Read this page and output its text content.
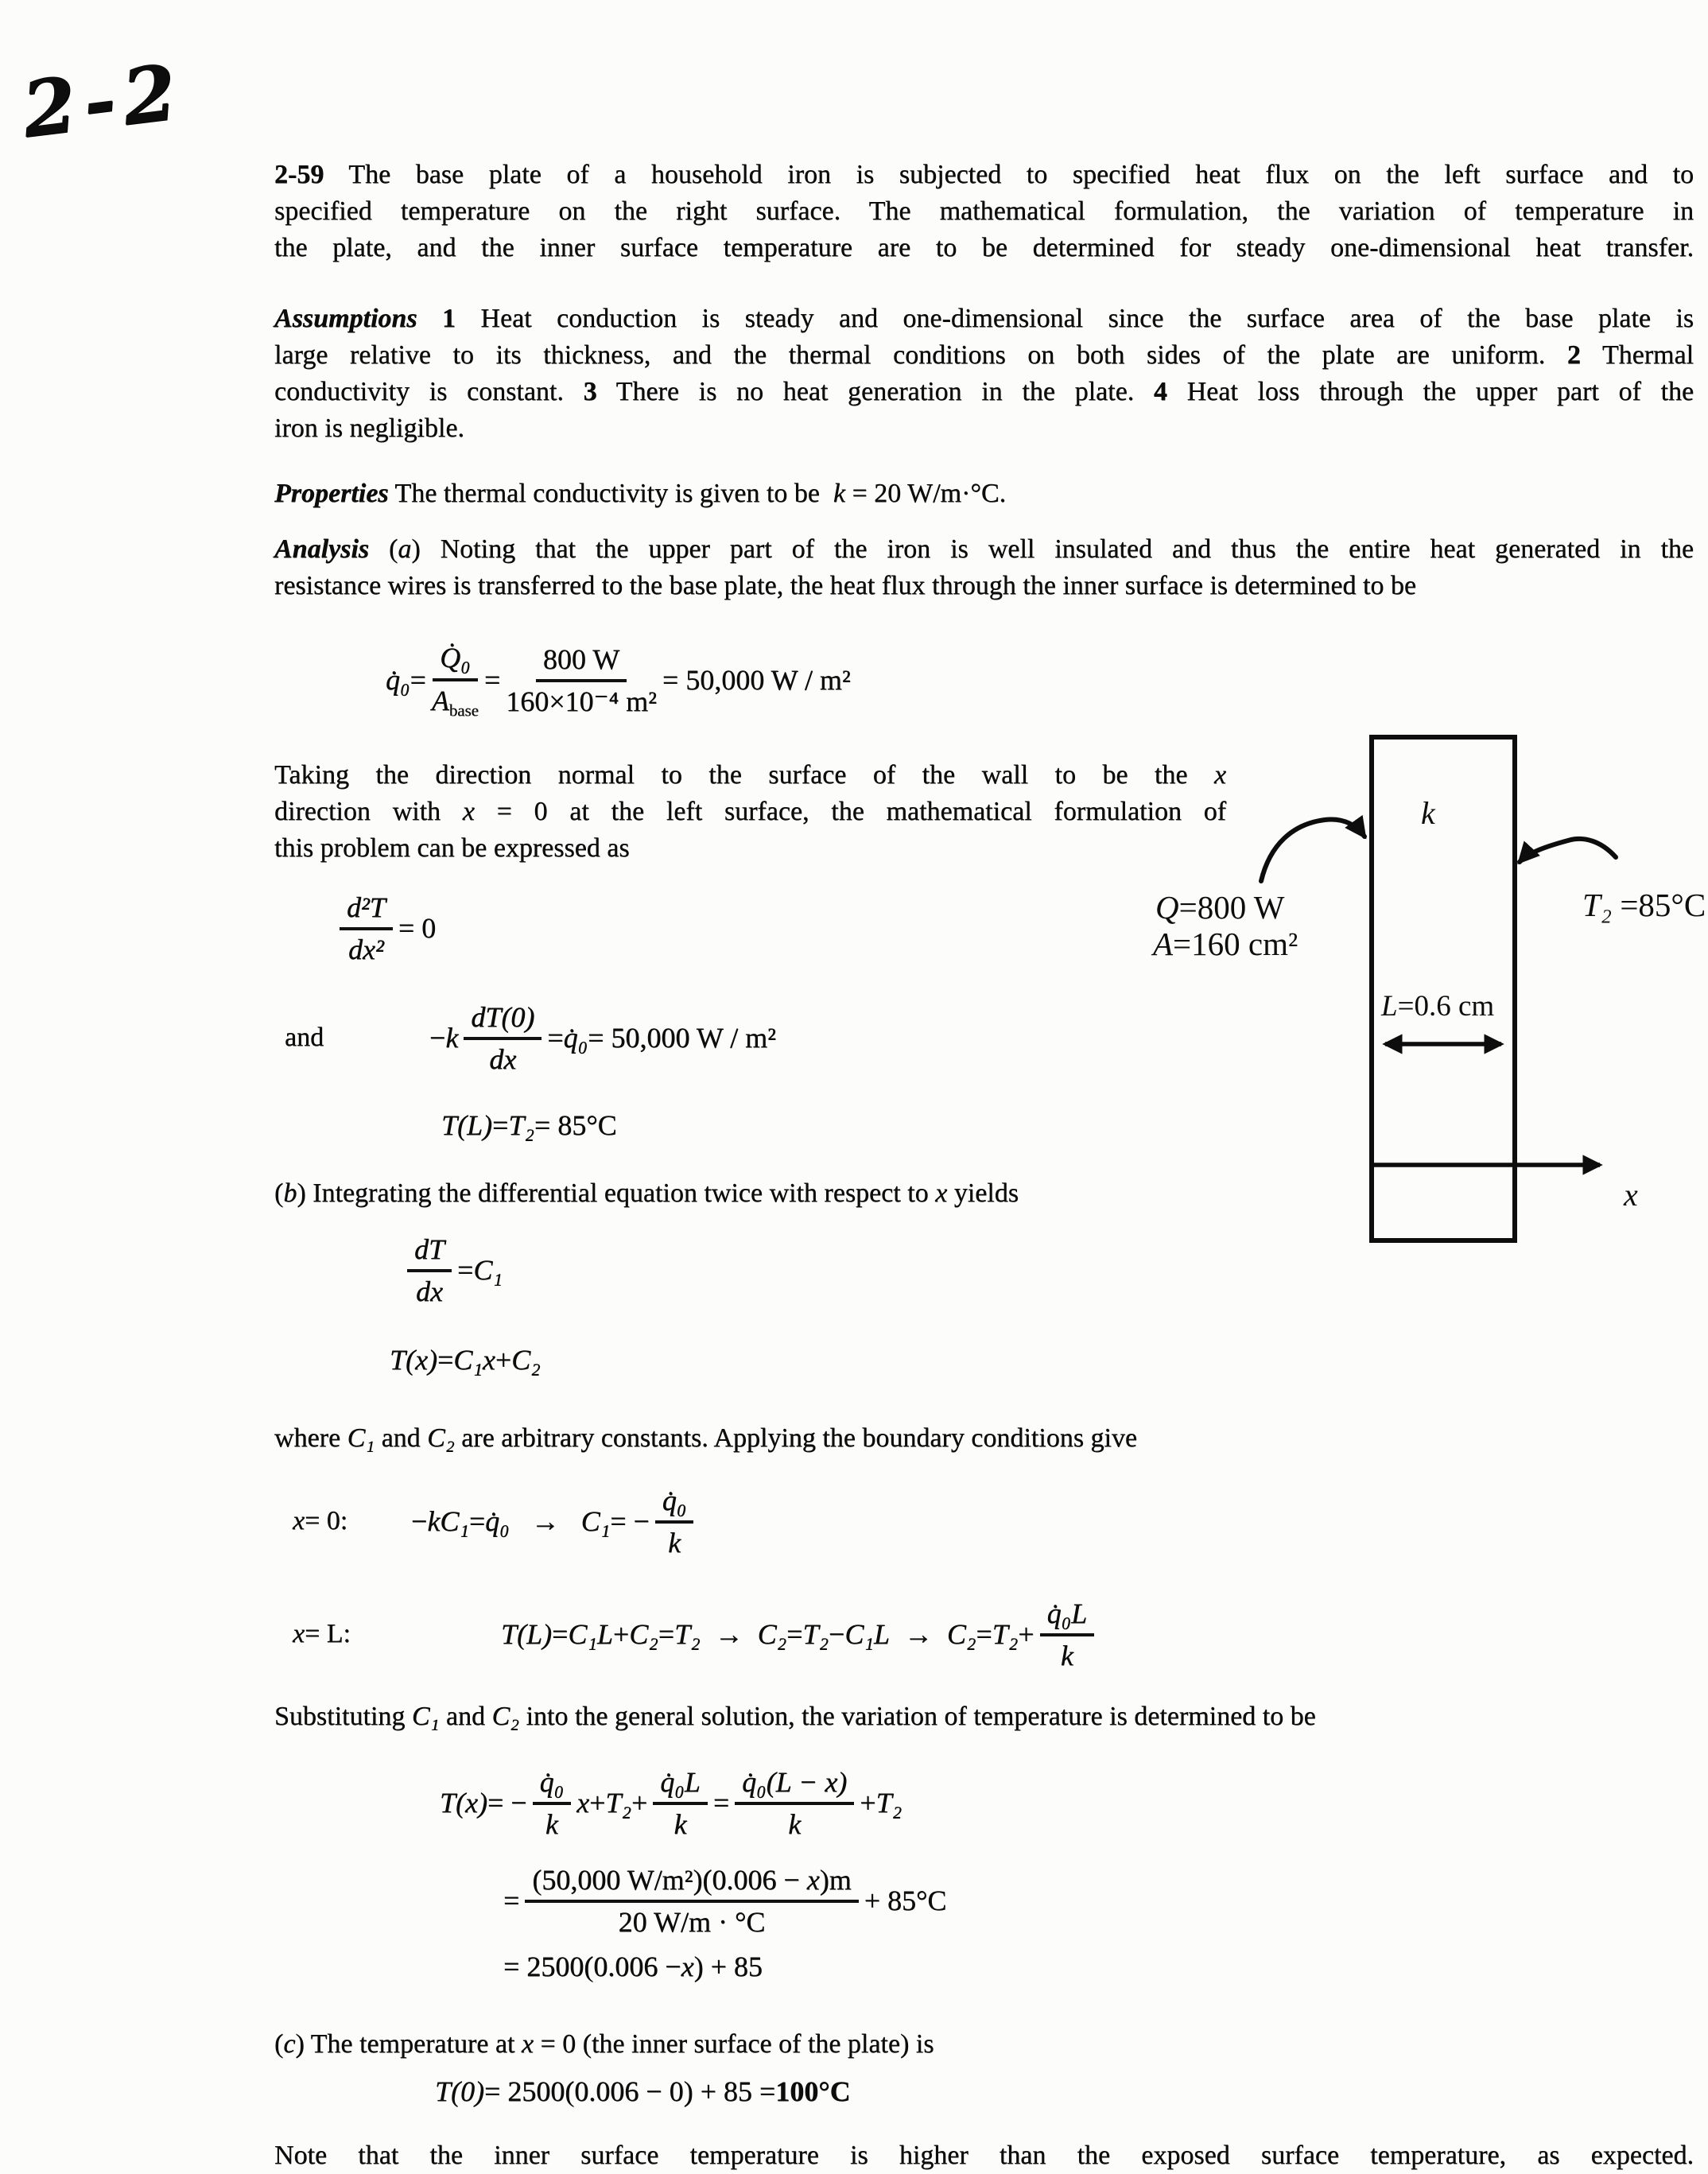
2-2
2-59 The base plate of a household iron is subjected to specified heat flux on the left surface and to
specified temperature on the right surface. The mathematical formulation, the variation of temperature in
the plate, and the inner surface temperature are to be determined for steady one-dimensional heat transfer.
Assumptions 1 Heat conduction is steady and one-dimensional since the surface area of the base plate is
large relative to its thickness, and the thermal conditions on both sides of the plate are uniform. 2 Thermal
conductivity is constant. 3 There is no heat generation in the plate. 4 Heat loss through the upper part of the
iron is negligible.
Properties The thermal conductivity is given to be  k = 20 W/m·°C.
Analysis (a) Noting that the upper part of the iron is well insulated and thus the entire heat generated in the
resistance wires is transferred to the base plate, the heat flux through the inner surface is determined to be
q̇₀ = $\frac{\text{Q̇₀}}{A_{base}} = \frac{800 W}{\text{160×10⁻⁴ m²}} = 50,000$ W / m²
Taking the direction normal to the surface of the wall to be the x
direction with x = 0 at the left surface, the mathematical formulation of
this problem can be expressed as
$\frac{\text{d²T}}{\text{dx²}} = 0$
and	− k $\frac{dT(0)}{dx}$ = q̇₀ = 50,000 W / m²
T(L) = T₂ = 85°C
(b) Integrating the differential equation twice with respect to x yields
$\frac{dT}{dx} = C_1$
T(x) = C₁x + C₂
where C₁ and C₂ are arbitrary constants. Applying the boundary conditions give
x = 0: − kC₁ = q̇₀ → C₁ = − $\frac{\text{q̇₀}}{k}$
x = L:	$T(L) = C_1L + C_2 = T_2 \to C_2 = T_2 - C_1L \to C_2 = T_2 + \frac{\text{q̇₀L}}{k}$
Substituting C₁ and C₂ into the general solution, the variation of temperature is determined to be
T(x) = − $\frac{\text{q̇₀}}{k}$ $x + T_2 + \frac{\text{q̇₀L}}{k} = \frac{\text{q̇₀(L − x)}}{k} + T_2$
= $\frac{\text{(50,000 W/m²)(0.006 − x)m}}{20 W/m \cdot ^\circ C} + 85^\circ C$
= 2500(0.006 − x ) + 85
(c) The temperature at x = 0 (the inner surface of the plate) is
T(0) = 2500(0.006 − 0) + 85 = 100°C
Note that the inner surface temperature is higher than the exposed surface temperature, as expected.
x
L=0.6 cm
k
Q=800 W
A=160 cm²
T₂ =85°C
